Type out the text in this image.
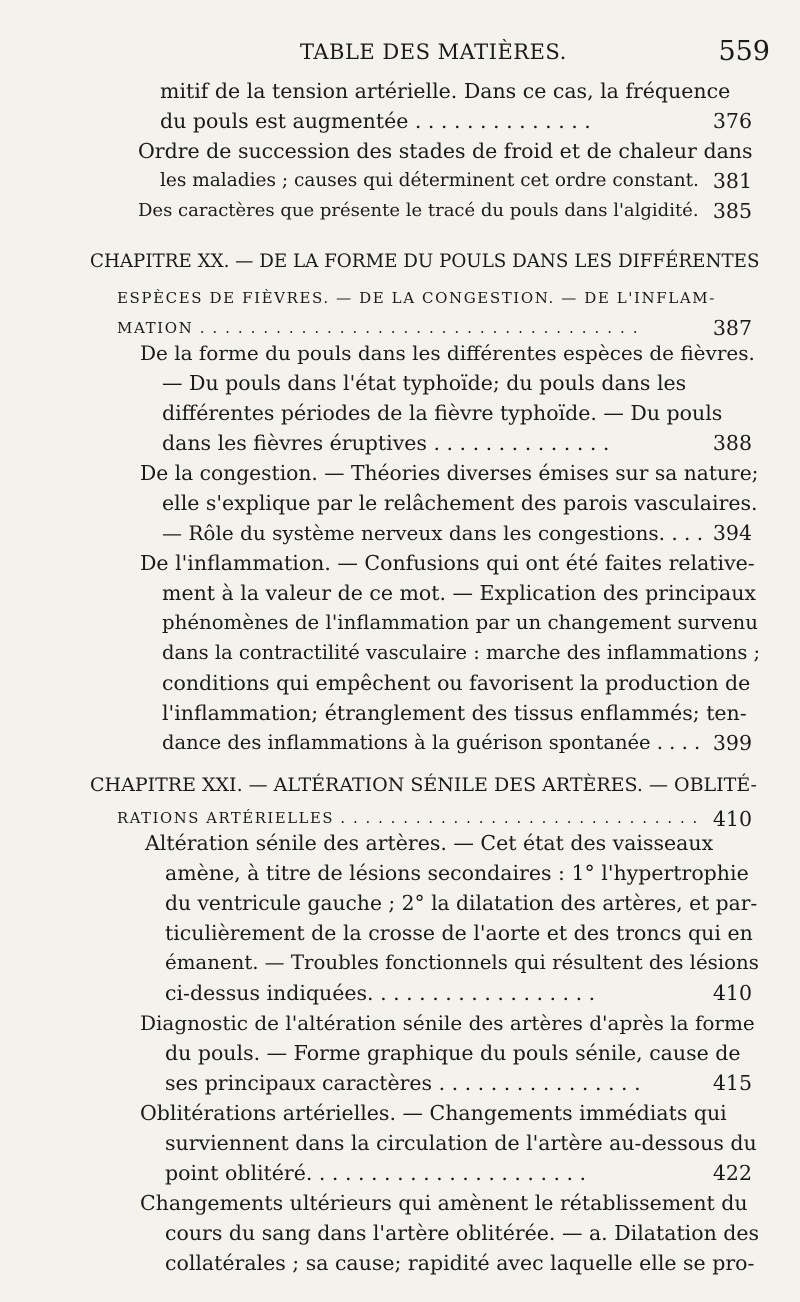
TABLE DES MATIÈRES.	559
mitif de la tension artérielle. Dans ce cas, la fréquence
du pouls est augmentée . . . . . . . . . . . . . .	376
Ordre de succession des stades de froid et de chaleur dans
les maladies ; causes qui déterminent cet ordre constant. 381
Des caractères que présente le tracé du pouls dans l'algidité. 385
CHAPITRE XX. — DE LA FORME DU POULS DANS LES DIFFÉRENTES
ESPÈCES DE FIÈVRES. — DE LA CONGESTION. — DE L'INFLAM-
MATION . . . . . . . . . . . . . . . . . . . . . . . . . . . . . . . . . . .	387
De la forme du pouls dans les différentes espèces de fièvres.
— Du pouls dans l'état typhoïde; du pouls dans les
différentes périodes de la fièvre typhoïde. — Du pouls
dans les fièvres éruptives . . . . . . . . . . . . . .	388
De la congestion. — Théories diverses émises sur sa nature;
elle s'explique par le relâchement des parois vasculaires.
— Rôle du système nerveux dans les congestions. . . . 394
De l'inflammation. — Confusions qui ont été faites relative-
ment à la valeur de ce mot. — Explication des principaux
phénomènes de l'inflammation par un changement survenu
dans la contractilité vasculaire : marche des inflammations ;
conditions qui empêchent ou favorisent la production de
l'inflammation; étranglement des tissus enflammés; ten-
dance des inflammations à la guérison spontanée . . . . 399
CHAPITRE XXI. — ALTÉRATION SÉNILE DES ARTÈRES. — OBLITÉ-
RATIONS ARTÉRIELLES . . . . . . . . . . . . . . . . . . . . . . . . . . . . . 410
Altération sénile des artères. — Cet état des vaisseaux
amène, à titre de lésions secondaires : 1° l'hypertrophie
du ventricule gauche ; 2° la dilatation des artères, et par-
ticulièrement de la crosse de l'aorte et des troncs qui en
émanent. — Troubles fonctionnels qui résultent des lésions
ci-dessus indiquées. . . . . . . . . . . . . . . . . .	410
Diagnostic de l'altération sénile des artères d'après la forme
du pouls. — Forme graphique du pouls sénile, cause de
ses principaux caractères . . . . . . . . . . . . . . . .	415
Oblitérations artérielles. — Changements immédiats qui
surviennent dans la circulation de l'artère au-dessous du
point oblitéré. . . . . . . . . . . . . . . . . . . . . .	422
Changements ultérieurs qui amènent le rétablissement du
cours du sang dans l'artère oblitérée. — a. Dilatation des
collatérales ; sa cause; rapidité avec laquelle elle se pro-
